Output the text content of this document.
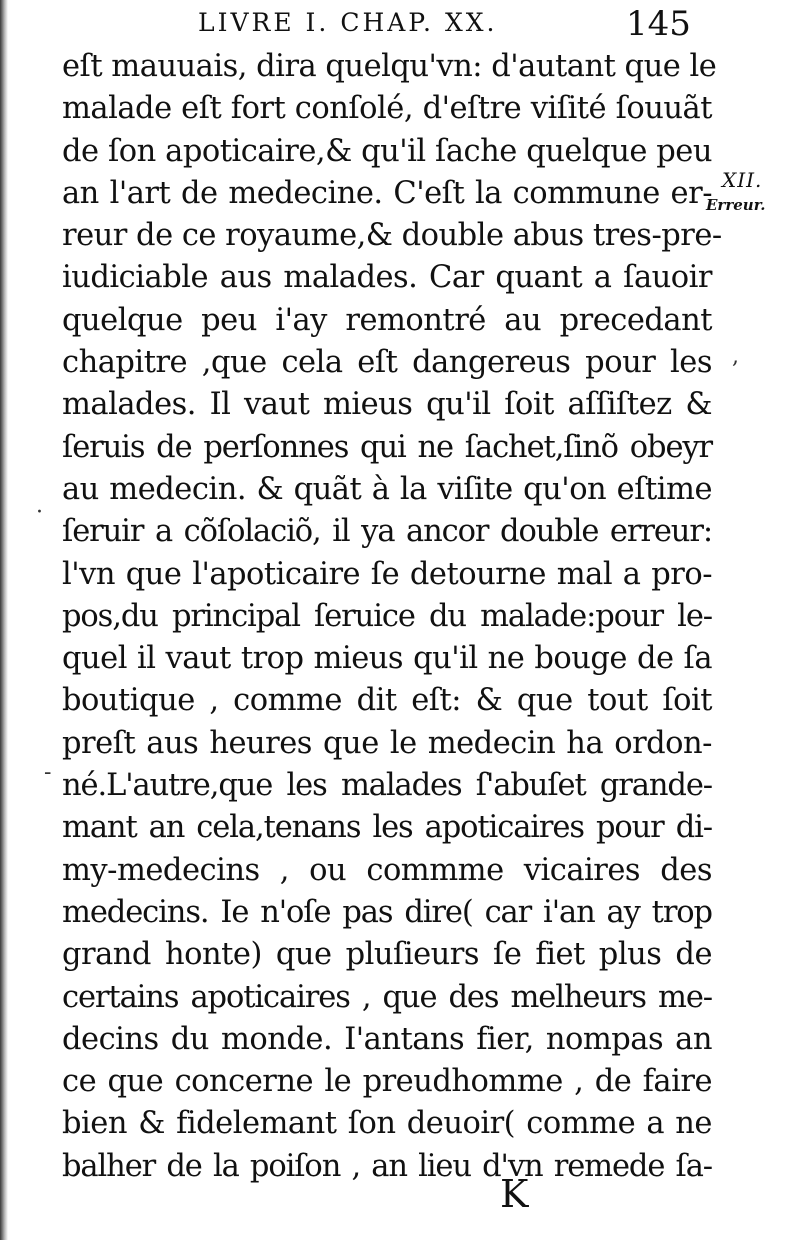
LIVRE I. CHAP. XX.	145
XII.
Erreur.
eſt mauuais, dira quelqu'vn: d'autant que le
malade eſt fort conſolé, d'eſtre viſité ſouuãt
de ſon apoticaire,& qu'il ſache quelque peu
an l'art de medecine. C'eſt la commune er-
reur de ce royaume,& double abus tres-pre-
iudiciable aus malades. Car quant a ſauoir
quelque peu i'ay remontré au precedant
chapitre ,que cela eſt dangereus pour les
malades. Il vaut mieus qu'il ſoit aſſiſtez &
ſeruis de perſonnes qui ne ſachet,ſinõ obeyr
au medecin. & quãt à la viſite qu'on eſtime
ſeruir a cõſolaciõ, il ya ancor double erreur:
l'vn que l'apoticaire ſe detourne mal a pro-
pos,du principal ſeruice du malade:pour le-
quel il vaut trop mieus qu'il ne bouge de ſa
boutique , comme dit eſt: & que tout ſoit
preſt aus heures que le medecin ha ordon-
né.L'autre,que les malades ſ'abuſet grande-
mant an cela,tenans les apoticaires pour di-
my-medecins , ou commme vicaires des
medecins. Ie n'oſe pas dire( car i'an ay trop
grand honte) que pluſieurs ſe fiet plus de
certains apoticaires , que des melheurs me-
decins du monde. I'antans fier, nompas an
ce que concerne le preudhomme , de faire
bien & fidelemant ſon deuoir( comme a ne
balher de la poiſon , an lieu d'vn remede ſa-
K
,
·
-
